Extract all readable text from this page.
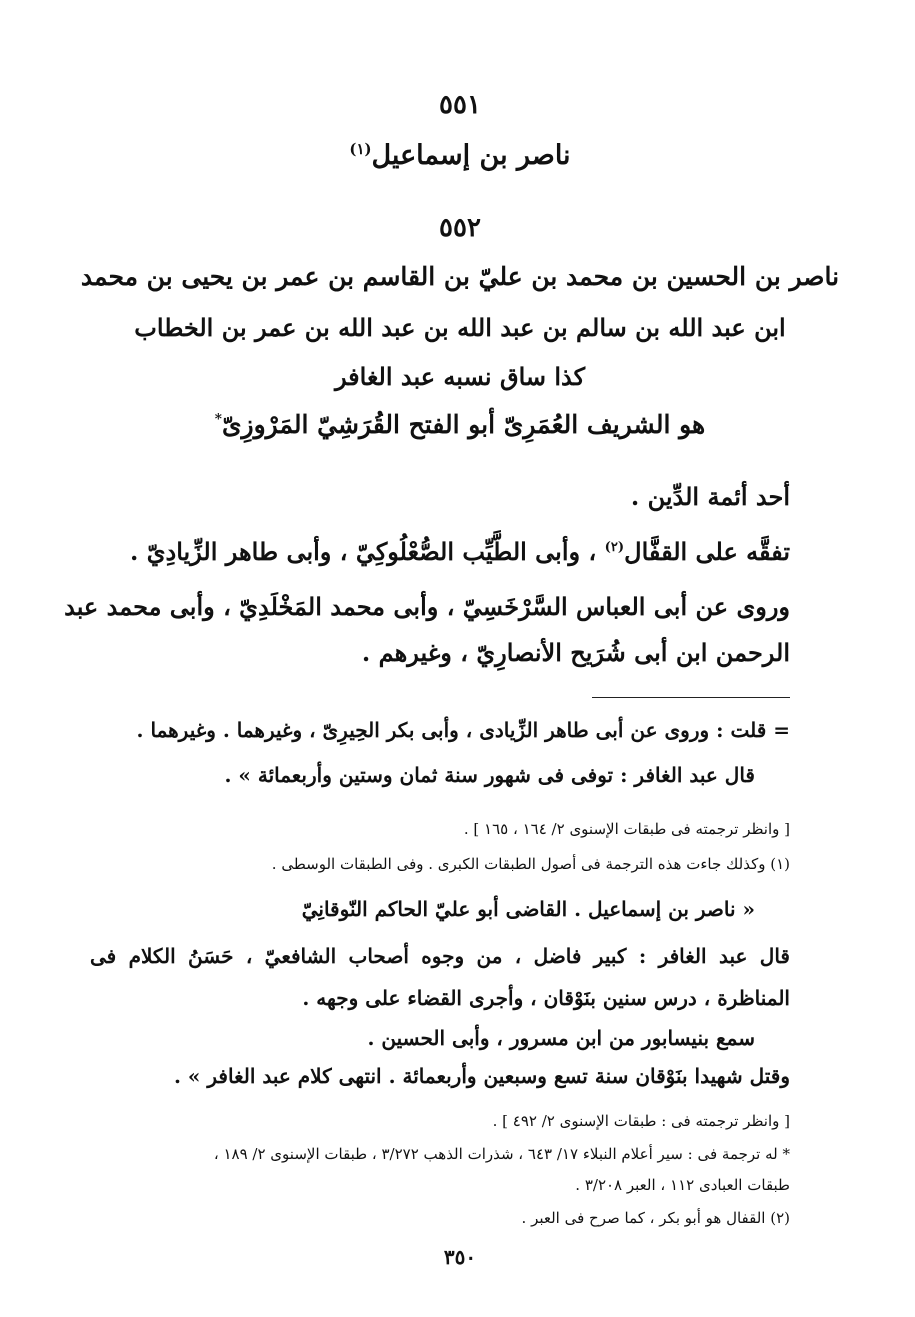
٥٥١
ناصر بن إسماعيل$^{(١)}$
٥٥٢
ناصر بن الحسين بن محمد بن عليّ بن القاسم بن عمر بن يحيى بن محمد
ابن عبد الله بن سالم بن عبد الله بن عبد الله بن عمر بن الخطاب
كذا ساق نسبه عبد الغافر
هو الشريف العُمَرِىّ أبو الفتح القُرَشِيّ المَرْوزِىّ*
أحد أئمة الدِّين .
تفقَّه على القفَّال$^{(٢)}$ ، وأبى الطَّيِّب الصُّعْلُوكِيّ ، وأبى طاهر الزِّيادِيّ .
وروى عن أبى العباس السَّرْخَسِيّ ، وأبى محمد المَخْلَدِيّ ، وأبى محمد عبد
الرحمن ابن أبى شُرَيح الأنصارِيّ ، وغيرهم .
= قلت : وروى عن أبى طاهر الزِّيادى ، وأبى بكر الحِيرِىّ ، وغيرهما . وغيرهما .
قال عبد الغافر : توفى فى شهور سنة ثمان وستين وأربعمائة » .
[ وانظر ترجمته فى طبقات الإسنوى ٢/ ١٦٤ ، ١٦٥ ] .
(١) وكذلك جاءت هذه الترجمة فى أصول الطبقات الكبرى . وفى الطبقات الوسطى .
« ناصر بن إسماعيل . القاضى أبو عليّ الحاكم النّوقانِيّ
قال عبد الغافر : كبير فاضل ، من وجوه أصحاب الشافعيّ ، حَسَنُ الكلام فى
المناظرة ، درس سنين بنَوْقان ، وأجرى القضاء على وجهه .
سمع بنيسابور من ابن مسرور ، وأبى الحسين .
وقتل شهيدا بنَوْقان سنة تسع وسبعين وأربعمائة . انتهى كلام عبد الغافر » .
[ وانظر ترجمته فى : طبقات الإسنوى ٢/ ٤٩٢ ] .
* له ترجمة فى : سير أعلام النبلاء ١٧/ ٦٤٣ ، شذرات الذهب ٣/٢٧٢ ، طبقات الإسنوى ٢/ ١٨٩ ،
طبقات العبادى ١١٢ ، العبر ٣/٢٠٨ .
(٢) القفال هو أبو بكر ، كما صرح فى العبر .
٣٥٠
